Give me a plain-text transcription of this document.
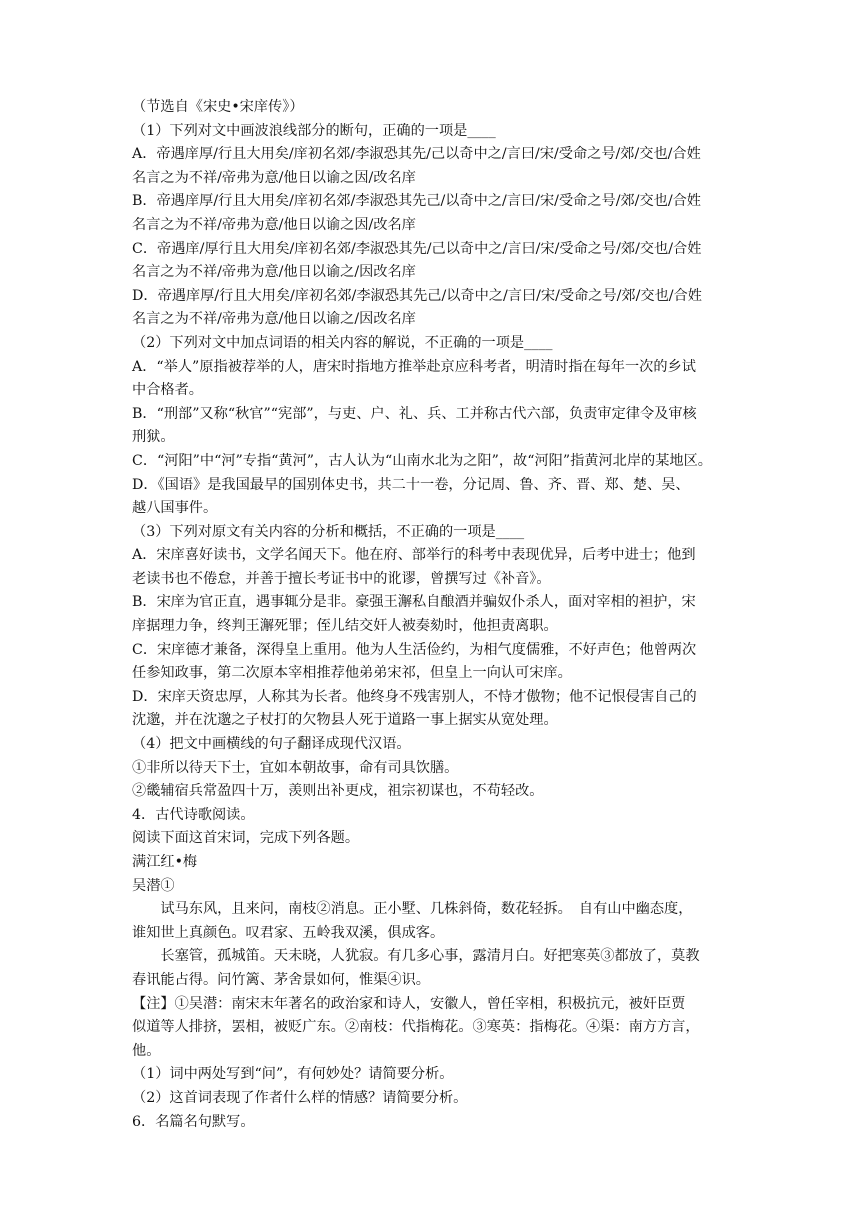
（节选自《宋史•宋庠传》）
（1）下列对文中画波浪线部分的断句，正确的一项是____
A．帝遇庠厚/行且大用矣/庠初名郊/李淑恐其先/己以奇中之/言曰/宋/受命之号/郊/交也/合姓
名言之为不祥/帝弗为意/他日以谕之因/改名庠
B．帝遇庠厚/行且大用矣/庠初名郊/李淑恐其先己/以奇中之/言曰/宋/受命之号/郊/交也/合姓
名言之为不祥/帝弗为意/他日以谕之因/改名庠
C．帝遇庠/厚行且大用矣/庠初名郊/李淑恐其先/己以奇中之/言曰/宋/受命之号/郊/交也/合姓
名言之为不祥/帝弗为意/他日以谕之/因改名庠
D．帝遇庠厚/行且大用矣/庠初名郊/李淑恐其先己/以奇中之/言曰/宋/受命之号/郊/交也/合姓
名言之为不祥/帝弗为意/他日以谕之/因改名庠
（2）下列对文中加点词语的相关内容的解说，不正确的一项是____
A．“举人”原指被荐举的人，唐宋时指地方推举赴京应科考者，明清时指在每年一次的乡试
中合格者。
B．“刑部”又称“秋官”“宪部”，与吏、户、礼、兵、工并称古代六部，负责审定律令及审核
刑狱。
C．“河阳”中“河”专指“黄河”，古人认为“山南水北为之阳”，故“河阳”指黄河北岸的某地区。
D．《国语》是我国最早的国别体史书，共二十一卷，分记周、鲁、齐、晋、郑、楚、吴、
越八国事件。
（3）下列对原文有关内容的分析和概括，不正确的一项是____
A．宋庠喜好读书，文学名闻天下。他在府、部举行的科考中表现优异，后考中进士；他到
老读书也不倦怠，并善于擅长考证书中的讹谬，曾撰写过《补音》。
B．宋庠为官正直，遇事辄分是非。豪强王澥私自酿酒并骗奴仆杀人，面对宰相的袒护，宋
庠据理力争，终判王澥死罪；侄儿结交奸人被奏劾时，他担责离职。
C．宋庠德才兼备，深得皇上重用。他为人生活俭约，为相气度儒雅，不好声色；他曾两次
任参知政事，第二次原本宰相推荐他弟弟宋祁，但皇上一向认可宋庠。
D．宋庠天资忠厚，人称其为长者。他终身不残害别人，不恃才傲物；他不记恨侵害自己的
沈邈，并在沈邈之子杖打的欠物县人死于道路一事上据实从宽处理。
（4）把文中画横线的句子翻译成现代汉语。
①非所以待天下士，宜如本朝故事，命有司具饮膳。
②畿辅宿兵常盈四十万，羡则出补更戍，祖宗初谋也，不苟轻改。
4．古代诗歌阅读。
阅读下面这首宋词，完成下列各题。
满江红•梅
吴潜①
试马东风，且来问，南枝②消息。正小墅、几株斜倚，数花轻拆。　自有山中幽态度，
谁知世上真颜色。叹君家、五岭我双溪，俱成客。
长塞管，孤城笛。天未晓，人犹寂。有几多心事，露清月白。好把寒英③都放了，莫教
春讯能占得。问竹篱、茅舍景如何，惟渠④识。
【注】①吴潜：南宋末年著名的政治家和诗人，安徽人，曾任宰相，积极抗元，被奸臣贾
似道等人排挤，罢相，被贬广东。②南枝：代指梅花。③寒英：指梅花。④渠：南方方言，
他。
（1）词中两处写到“问”，有何妙处？请简要分析。
（2）这首词表现了作者什么样的情感？请简要分析。
6．名篇名句默写。
